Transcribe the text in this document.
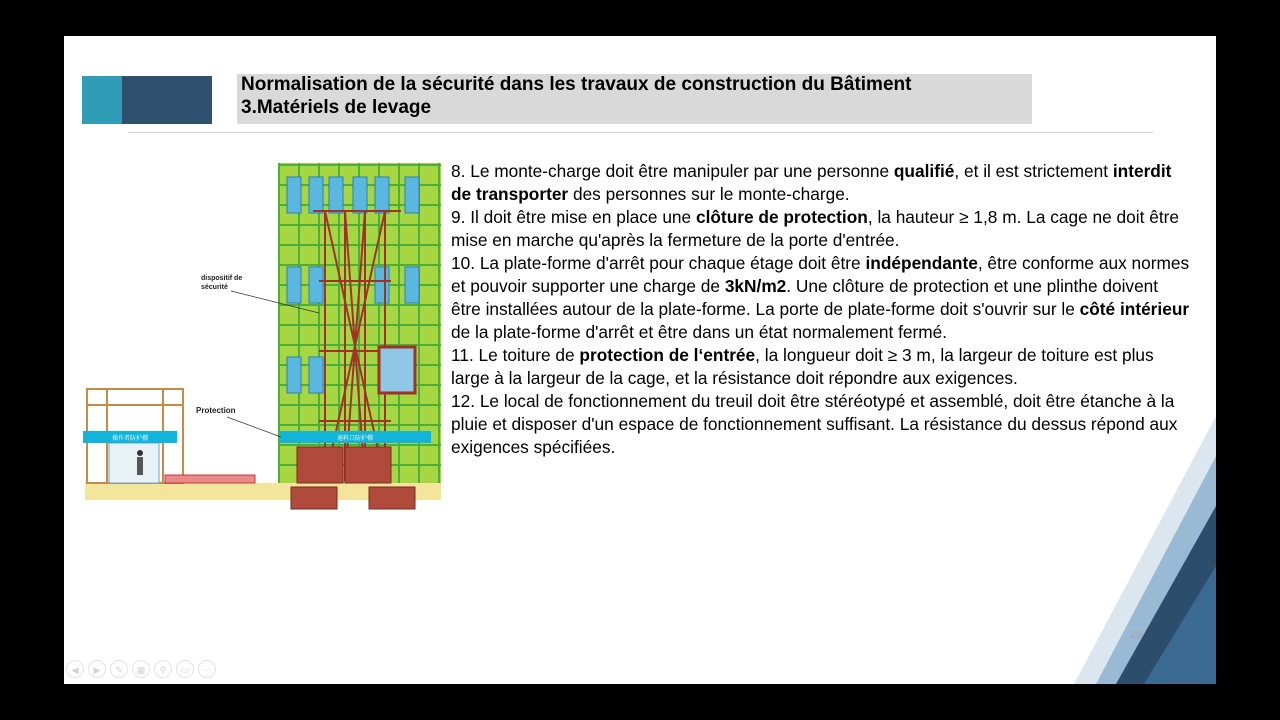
Normalisation de la sécurité dans les travaux de construction du Bâtiment
3.Matériels de levage
dispositif de
sécurité
Protection
操作者防护棚	通料口防护棚

8. Le monte-charge doit être manipuler par une personne qualifié, et il est strictement interdit de transporter des personnes sur le monte-charge.

9. Il doit être mise en place une clôture de protection, la hauteur ≥ 1,8 m. La cage ne doit être mise en marche qu'après la fermeture de la porte d'entrée.

10. La plate-forme d'arrêt pour chaque étage doit être indépendante, être conforme aux normes et pouvoir supporter une charge de 3kN/m2. Une clôture de protection et une plinthe doivent être installées autour de la plate-forme. La porte de plate-forme doit s'ouvrir sur le côté intérieur de la plate-forme d'arrêt et être dans un état normalement fermé.

11. Le toiture de protection de l‘entrée, la longueur doit ≥ 3 m, la largeur de toiture est plus large à la largeur de la cage, et la résistance doit répondre aux exigences.

12. Le local de fonctionnement du treuil doit être stéréotypé et assemblé, doit être étanche à la pluie et disposer d'un espace de fonctionnement suffisant. La résistance du dessus répond aux exigences spécifiées.

29
◀	▶	✎	▦	⚲	▭	⋯
